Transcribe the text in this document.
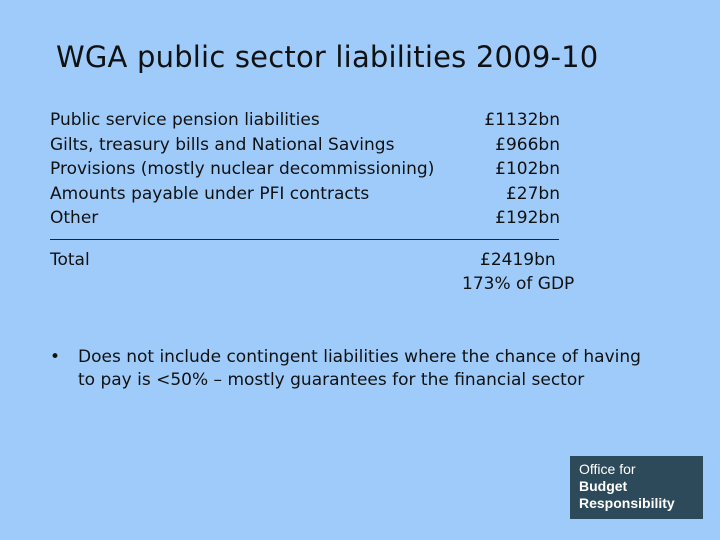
WGA public sector liabilities 2009-10
Public service pension liabilities	£1132bn
Gilts, treasury bills and National Savings	£966bn
Provisions (mostly nuclear decommissioning)	£102bn
Amounts payable under PFI contracts	£27bn
Other	£192bn
Total	£2419bn
173% of GDP
• Does not include contingent liabilities where the chance of having to pay is <50% – mostly guarantees for the financial sector
Office for
Budget
Responsibility
